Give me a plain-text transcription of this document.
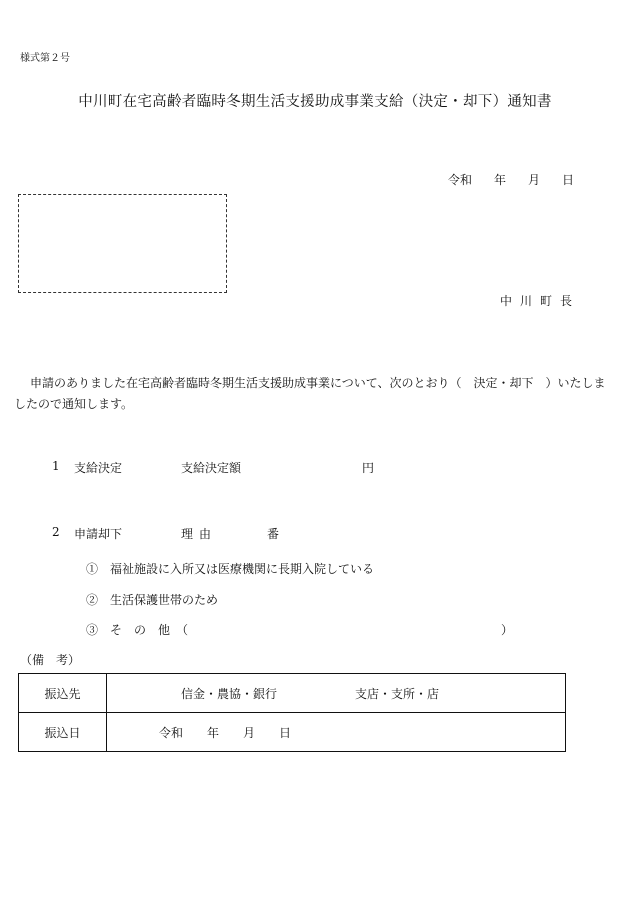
様式第２号
中川町在宅高齢者臨時冬期生活支援助成事業支給（決定・却下）通知書
令和 年 月 日
中川町長
申請のありました在宅高齢者臨時冬期生活支援助成事業について、次のとおり（　決定・却下　）いたしましたので通知します。
1 支給決定	支給決定額	円
2 申請却下	理由	番
①　福祉施設に入所又は医療機関に長期入院している
②　生活保護世帯のため
③　そ　の　他　（	）
（備　考）
振込先	信金・農協・銀行	支店・支所・店
振込日	令和 年 月 日	
